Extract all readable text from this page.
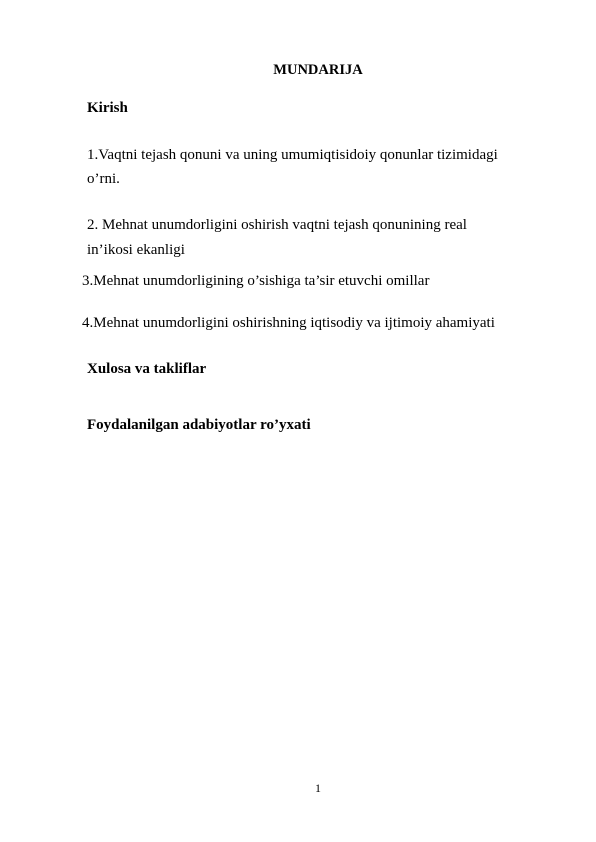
MUNDARIJA
Kirish
1.Vaqtni tejash qonuni va uning umumiqtisidoiy qonunlar tizimidagi
o’rni.
2. Mehnat unumdorligini oshirish vaqtni tejash qonunining real
in’ikosi ekanligi
3.Mehnat unumdorligining o’sishiga ta’sir etuvchi omillar
4.Mehnat unumdorligini oshirishning iqtisodiy va ijtimoiy ahamiyati
Xulosa va takliflar
Foydalanilgan adabiyotlar ro’yxati
1
